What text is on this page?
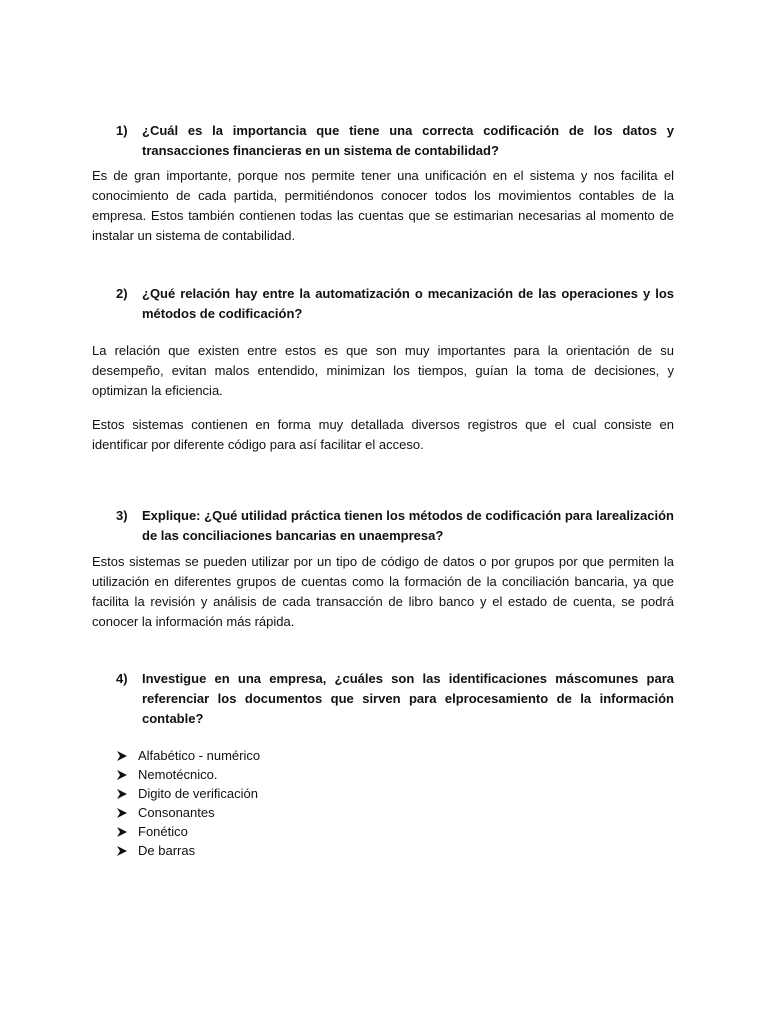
1)	¿Cuál es la importancia que tiene una correcta codificación de los datos y transacciones financieras en un sistema de contabilidad?

Es de gran importante, porque nos permite tener una unificación en el sistema y nos facilita el conocimiento de cada partida, permitiéndonos conocer todos los movimientos contables de la empresa. Estos también contienen todas las cuentas que se estimarian necesarias al momento de instalar un sistema de contabilidad.

2)	¿Qué relación hay entre la automatización o mecanización de las operaciones y los métodos de codificación?

La relación que existen entre estos es que son muy importantes para la orientación de su desempeño, evitan malos entendido, minimizan los tiempos, guían la toma de decisiones, y optimizan la eficiencia.

Estos sistemas contienen en forma muy detallada diversos registros que el cual consiste en identificar por diferente código para así facilitar el acceso.

3)	Explique: ¿Qué utilidad práctica tienen los métodos de codificación para larealización de las conciliaciones bancarias en unaempresa?

Estos sistemas se pueden utilizar por un tipo de código de datos o por grupos por que permiten la utilización en diferentes grupos de cuentas como la formación de la conciliación bancaria, ya que facilita la revisión y análisis de cada transacción de libro banco y el estado de cuenta, se podrá conocer la información más rápida.

4)	Investigue en una empresa, ¿cuáles son las identificaciones máscomunes para referenciar los documentos que sirven para elprocesamiento de la información contable?
Alfabético - numérico
Nemotécnico.
Digito de verificación
Consonantes
Fonético
De barras
